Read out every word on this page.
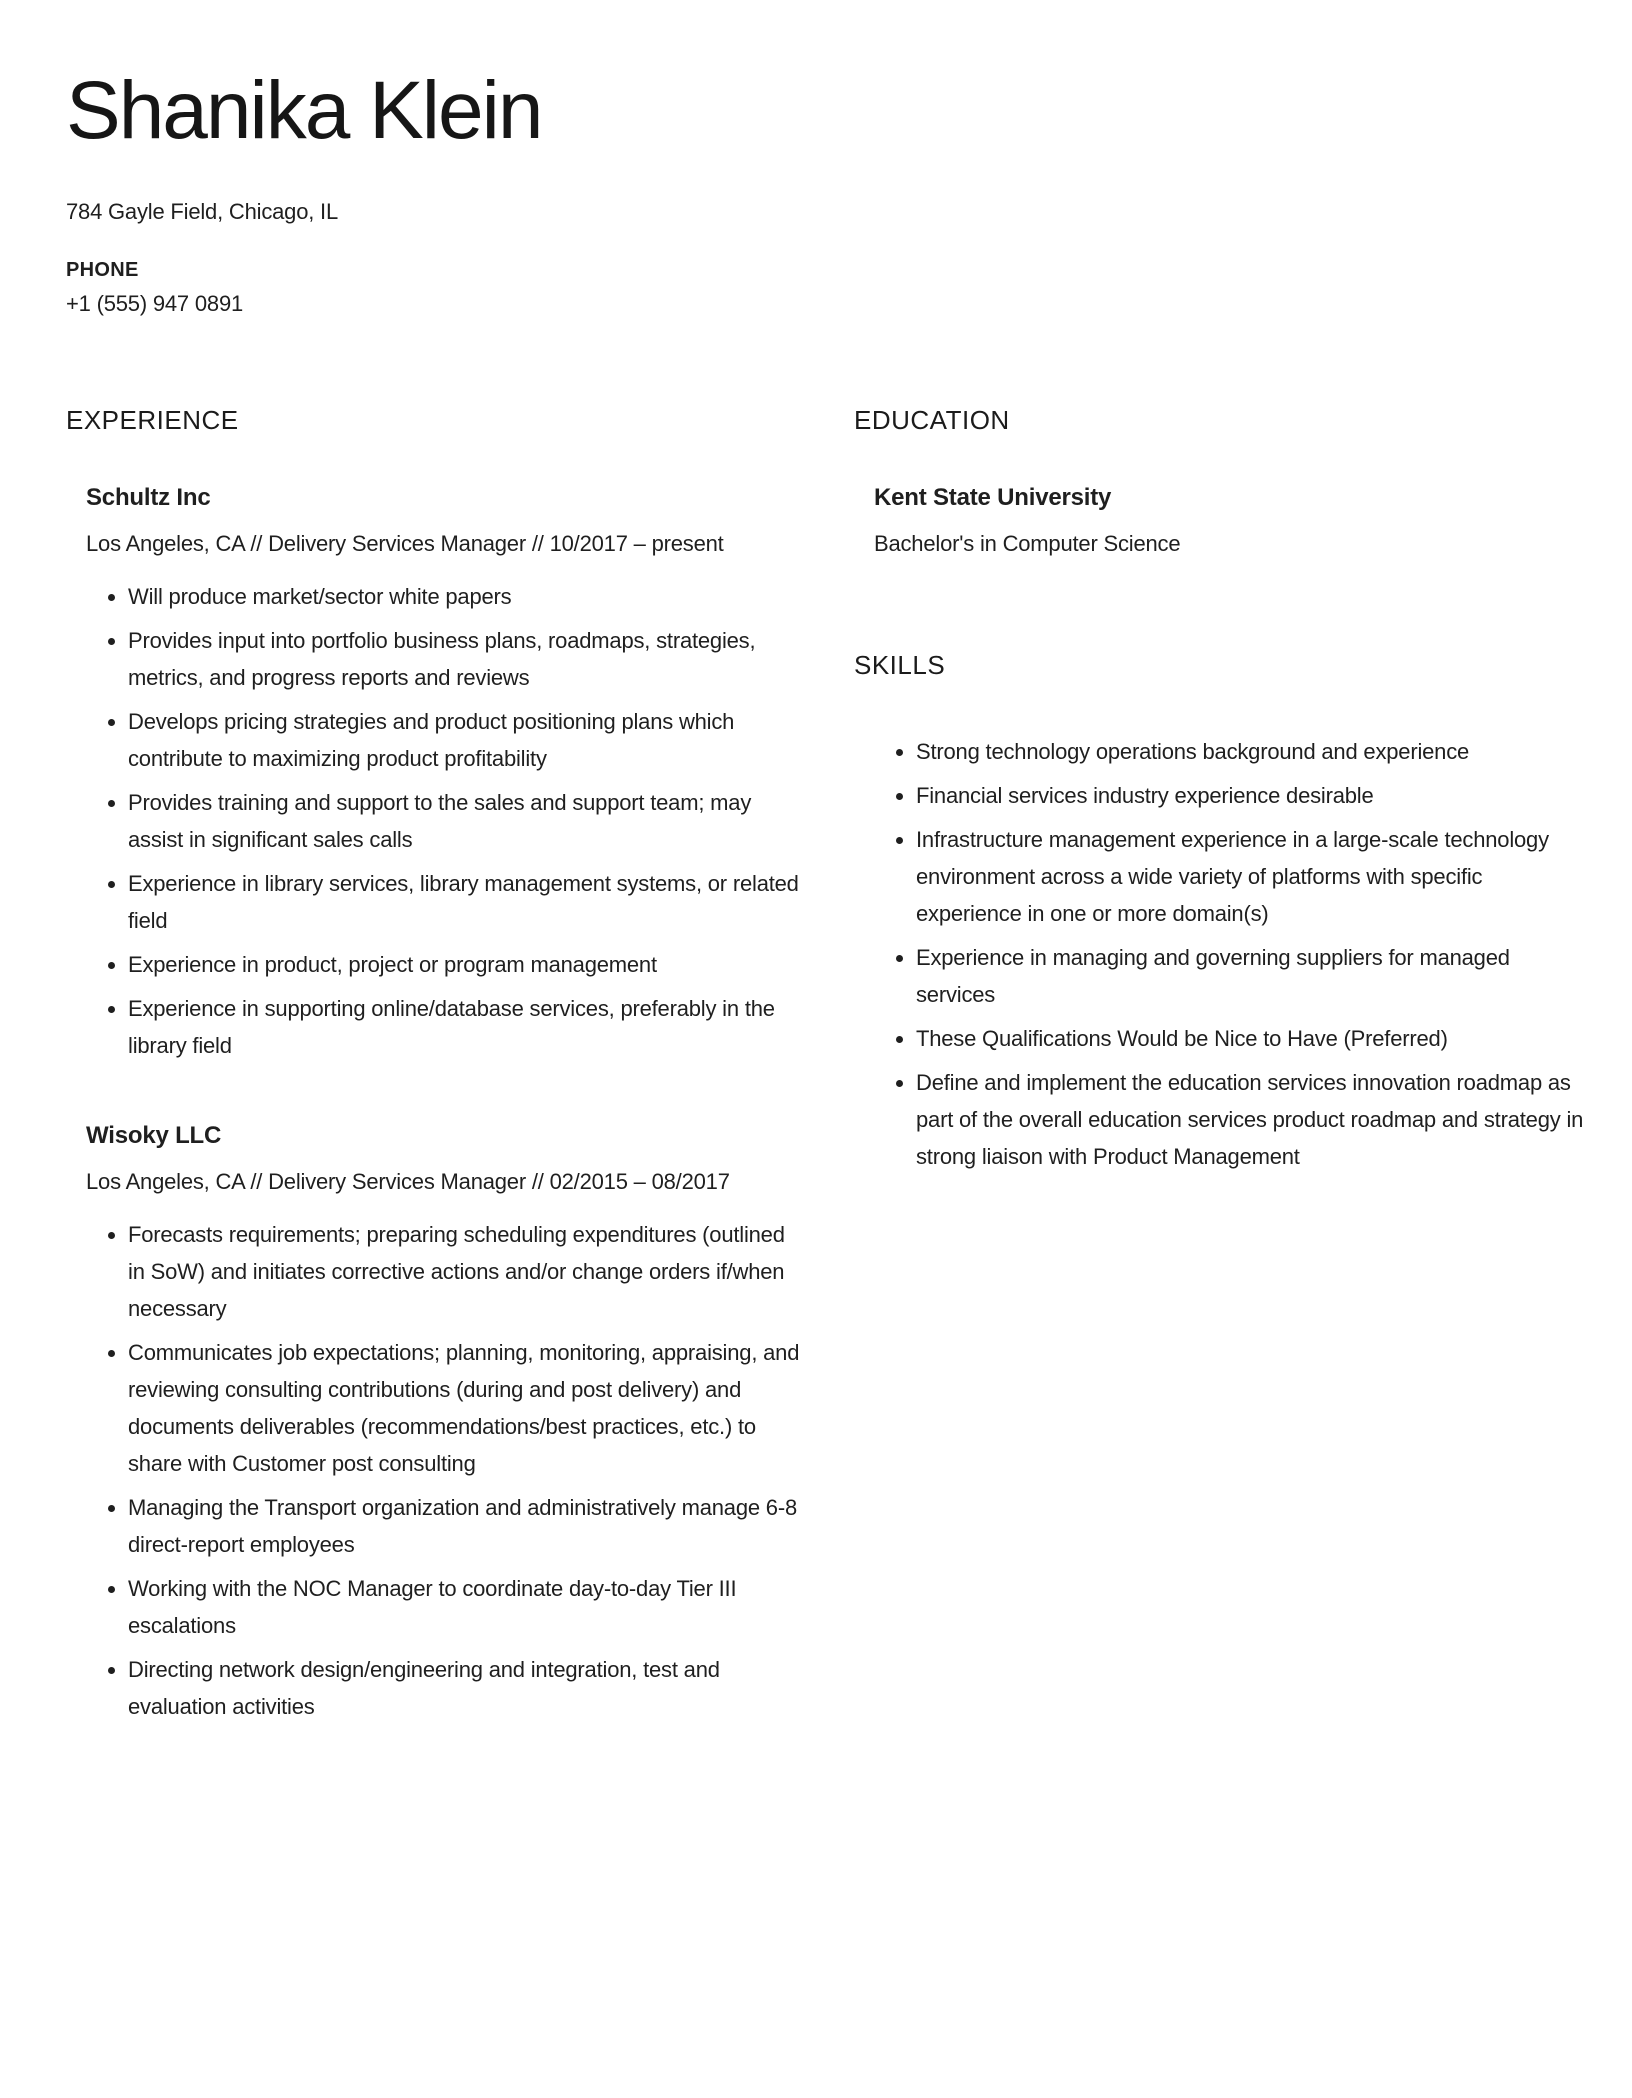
Shanika Klein
784 Gayle Field, Chicago, IL
PHONE
+1 (555) 947 0891
EXPERIENCE
Schultz Inc
Los Angeles, CA // Delivery Services Manager // 10/2017 – present
• Will produce market/sector white papers
• Provides input into portfolio business plans, roadmaps, strategies, metrics, and progress reports and reviews
• Develops pricing strategies and product positioning plans which contribute to maximizing product profitability
• Provides training and support to the sales and support team; may assist in significant sales calls
• Experience in library services, library management systems, or related field
• Experience in product, project or program management
• Experience in supporting online/database services, preferably in the library field
Wisoky LLC
Los Angeles, CA // Delivery Services Manager // 02/2015 – 08/2017
• Forecasts requirements; preparing scheduling expenditures (outlined in SoW) and initiates corrective actions and/or change orders if/when necessary
• Communicates job expectations; planning, monitoring, appraising, and reviewing consulting contributions (during and post delivery) and documents deliverables (recommendations/best practices, etc.) to share with Customer post consulting
• Managing the Transport organization and administratively manage 6-8 direct-report employees
• Working with the NOC Manager to coordinate day-to-day Tier III escalations
• Directing network design/engineering and integration, test and evaluation activities
EDUCATION
Kent State University
Bachelor's in Computer Science
SKILLS
• Strong technology operations background and experience
• Financial services industry experience desirable
• Infrastructure management experience in a large-scale technology environment across a wide variety of platforms with specific experience in one or more domain(s)
• Experience in managing and governing suppliers for managed services
• These Qualifications Would be Nice to Have (Preferred)
• Define and implement the education services innovation roadmap as part of the overall education services product roadmap and strategy in strong liaison with Product Management
